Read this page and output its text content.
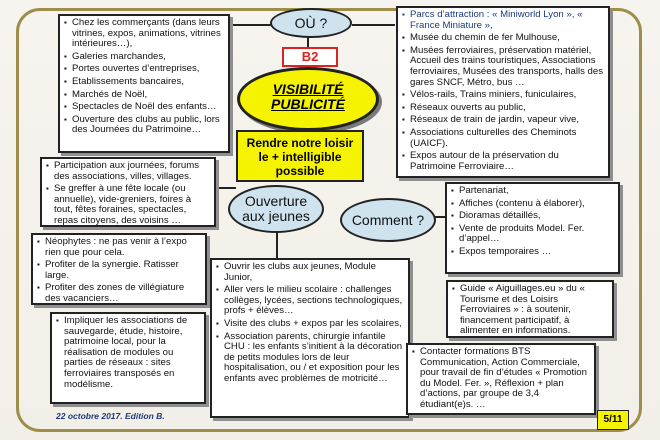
OÙ ?
Ouverture aux jeunes	Comment ?
B2
VISIBILITÉ
PUBLICITÉ
Rendre notre loisir
le + intelligible
possible
▪ Chez les commerçants (dans leurs vitrines, expos, animations, vitrines intérieures…),
▪ Galeries marchandes,
▪ Portes ouvertes d’entreprises,
▪ Etablissements bancaires,
▪ Marchés de Noël,
▪ Spectacles de Noël des enfants…
▪ Ouverture des clubs au public, lors des Journées du Patrimoine…
▪ Participation aux journées, forums des associations, villes, villages.
▪ Se greffer à une fête locale (ou annuelle), vide-greniers, foires à tout, fêtes foraines, spectacles, repas citoyens, des voisins …
▪ Néophytes : ne pas venir à l’expo rien que pour cela.
▪ Profiter de la synergie. Ratisser large.
▪ Profiter des zones de villégiature des vacanciers…
▪ Impliquer les associations de sauvegarde, étude, histoire, patrimoine local, pour la réalisation de modules ou parties de réseaux : sites ferroviaires transposés en modélisme.
▪ Ouvrir les clubs aux jeunes, Module Junior,
▪ Aller vers le milieu scolaire : challenges collèges, lycées, sections technologiques, profs + élèves…
▪ Visite des clubs + expos par les scolaires,
▪ Association parents, chirurgie infantile CHU : les enfants s’initient à la décoration de petits modules lors de leur hospitalisation, ou / et exposition pour les enfants avec problèmes de motricité…
▪ Parcs d’attraction : « Miniworld Lyon », « France Miniature »,
▪ Musée du chemin de fer Mulhouse,
▪ Musées ferroviaires, préservation matériel, Accueil des trains touristiques, Associations ferroviaires, Musées des transports, halls des gares SNCF, Métro, bus …
▪ Vélos-rails, Trains miniers, funiculaires,
▪ Réseaux ouverts au public,
▪ Réseaux de train de jardin, vapeur vive,
▪ Associations culturelles des Cheminots (UAICF).
▪ Expos autour de la préservation du Patrimoine Ferroviaire…
▪ Partenariat,
▪ Affiches (contenu à élaborer),
▪ Dioramas détaillés,
▪ Vente de produits Model. Fer. d’appel…
▪ Expos temporaires …
▪ Guide « Aiguillages.eu » du « Tourisme et des Loisirs Ferroviaires » : à soutenir, financement participatif, à alimenter en informations.
▪ Contacter formations BTS Communication, Action Commerciale, pour travail de fin d’études « Promotion du Model. Fer. », Réflexion + plan d’actions, par groupe de 3,4 étudiant(e)s. …
22 octobre 2017. Edition B.	5/11
